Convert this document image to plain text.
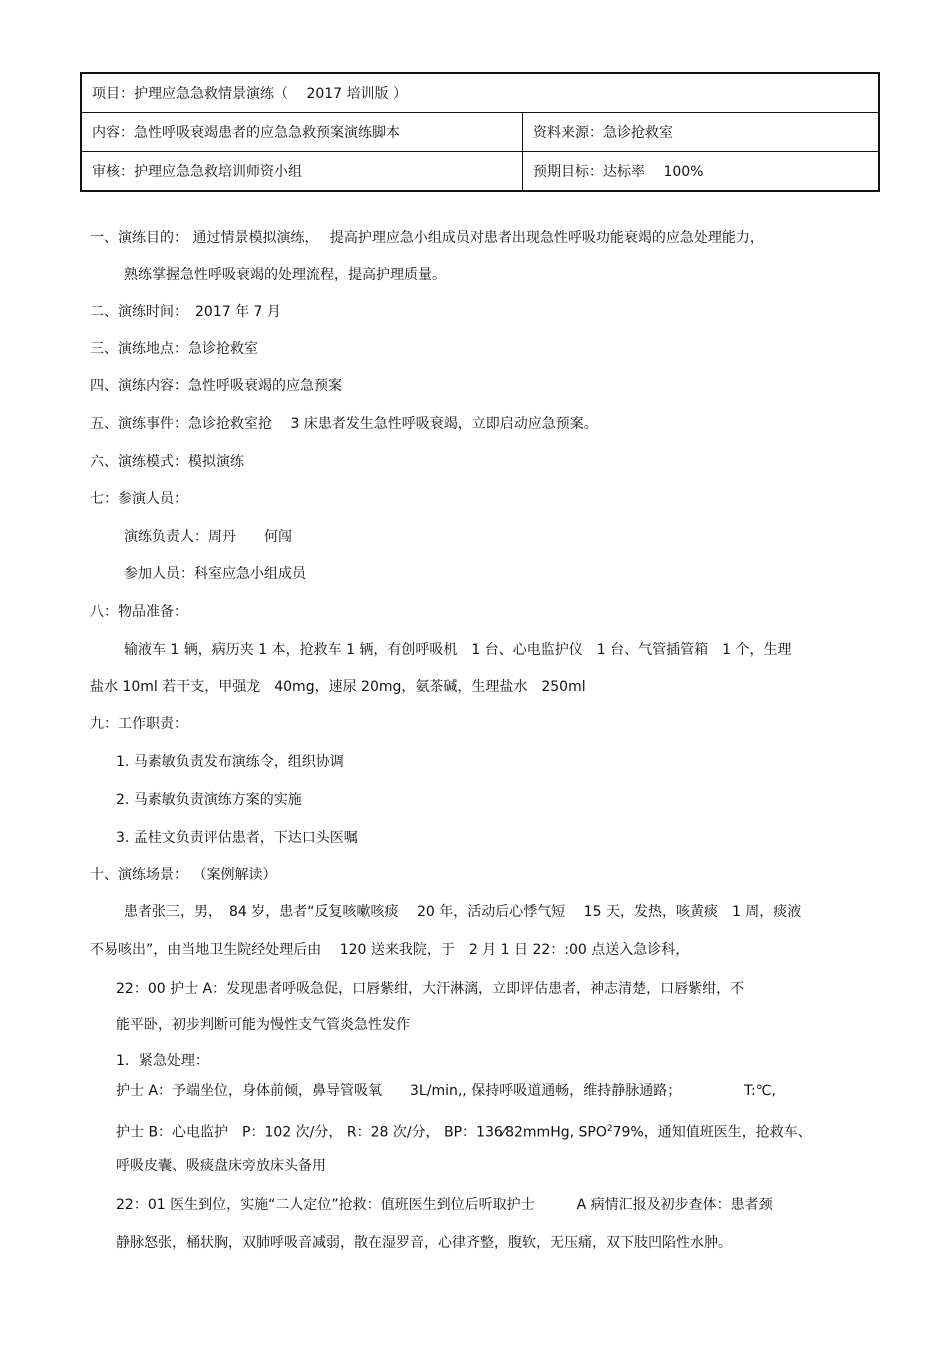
项目：护理应急急救情景演练（　 2017 培训版 ）	
内容：急性呼吸衰竭患者的应急急救预案演练脚本	资料来源：急诊抢救室
审核：护理应急急救培训师资小组	预期目标：达标率　 100%
一、演练目的： 通过情景模拟演练，　 提高护理应急小组成员对患者出现急性呼吸功能衰竭的应急处理能力，
熟练掌握急性呼吸衰竭的处理流程，提高护理质量。
二、演练时间：　2017 年 7 月
三、演练地点：急诊抢救室
四、演练内容：急性呼吸衰竭的应急预案
五、演练事件：急诊抢救室抢　 3 床患者发生急性呼吸衰竭，立即启动应急预案。
六、演练模式：模拟演练
七：参演人员：
演练负责人：周丹　　何闯
参加人员：科室应急小组成员
八：物品准备：
输液车 1 辆，病历夹 1 本，抢救车 1 辆，有创呼吸机　1 台、心电监护仪　1 台、气管插管箱　1 个，生理
盐水 10ml 若干支，甲强龙　40mg，速尿 20mg，氨茶碱，生理盐水　250ml
九：工作职责：
1. 马素敏负责发布演练令，组织协调
2. 马素敏负责演练方案的实施
3. 孟桂文负责评估患者，下达口头医嘱
十、演练场景： （案例解读）
患者张三，男，　84 岁，患者“反复咳嗽咳痰　 20 年，活动后心悸气短　 15 天，发热，咳黄痰　1 周，痰液
不易咳出”，由当地卫生院经处理后由　 120 送来我院，于　2 月 1 日 22：:00 点送入急诊科，
22：00 护士 A：发现患者呼吸急促，口唇紫绀，大汗淋漓，立即评估患者，神志清楚，口唇紫绀，不
能平卧，初步判断可能为慢性支气管炎急性发作
1．紧急处理：
护士 A：予端坐位，身体前倾，鼻导管吸氧　　3L/min,, 保持呼吸道通畅，维持静脉通路；	T:℃,
护士 B：心电监护　P：102 次/分， R：28 次/分， BP：136⁄82mmHg, SPO$^2$79%，通知值班医生，抢救车、
呼吸皮囊、吸痰盘床旁放床头备用
22：01 医生到位，实施“二人定位”抢救：值班医生到位后听取护士　　　A 病情汇报及初步查体：患者颈
静脉怒张，桶状胸，双肺呼吸音减弱，散在湿罗音，心律齐整，腹软，无压痛，双下肢凹陷性水肿。
